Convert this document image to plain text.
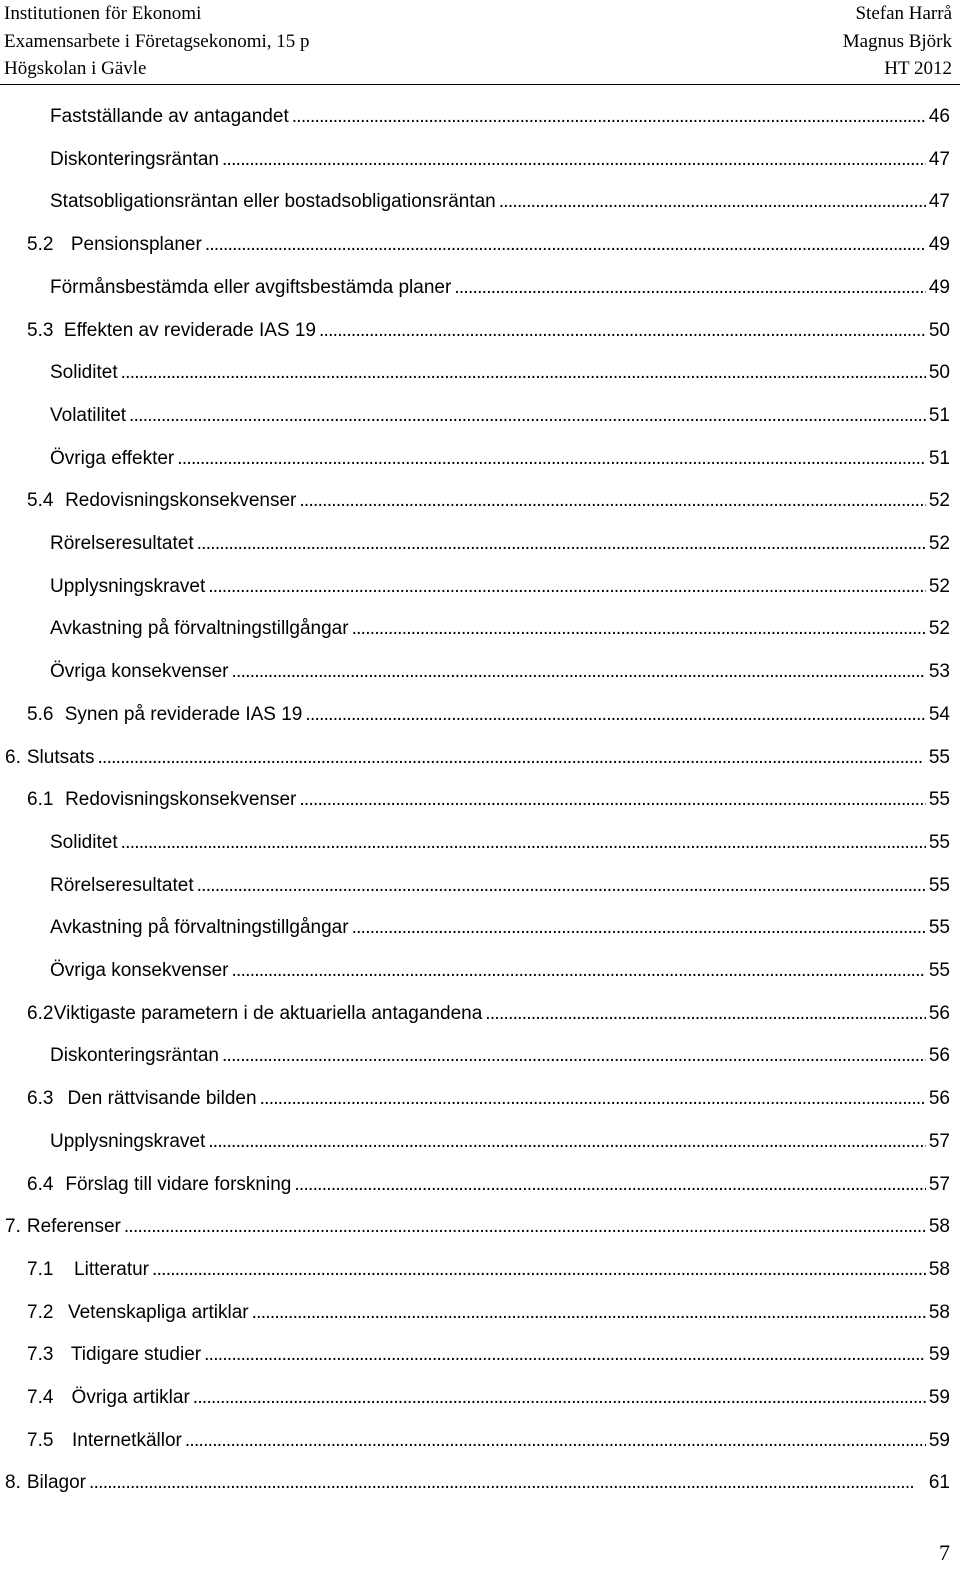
Institutionen för Ekonomi	Stefan Harrå
Examensarbete i Företagsekonomi, 15 p	Magnus Björk
Högskolan i Gävle	HT 2012
Fastställande av antagandet . . .	46
Diskonteringsräntan . . .	47
Statsobligationsräntan eller bostadsobligationsräntan . . .	47
5.2 Pensionsplaner . . .	49
Förmånsbestämda eller avgiftsbestämda planer . . .	49
5.3 Effekten av reviderade IAS 19 . . .	50
Soliditet . . .	50
Volatilitet . . .	51
Övriga effekter . . .	51
5.4 Redovisningskonsekvenser . . .	52
Rörelseresultatet . . .	52
Upplysningskravet . . .	52
Avkastning på förvaltningstillgångar . . .	52
Övriga konsekvenser . . .	53
5.6 Synen på reviderade IAS 19 . . .	54
6. Slutsats . . .	55
6.1 Redovisningskonsekvenser . . .	55
Soliditet . . .	55
Rörelseresultatet . . .	55
Avkastning på förvaltningstillgångar . . .	55
Övriga konsekvenser . . .	55
6.2 Viktigaste parametern i de aktuariella antagandena . . .	56
Diskonteringsräntan . . .	56
6.3 Den rättvisande bilden . . .	56
Upplysningskravet . . .	57
6.4 Förslag till vidare forskning . . .	57
7. Referenser . . .	58
7.1	Litteratur . . .	58
7.2 Vetenskapliga artiklar . . .	58
7.3 Tidigare studier . . .	59
7.4 Övriga artiklar . . .	59
7.5 Internetkällor . . .	59
8. Bilagor . . .	61
7
